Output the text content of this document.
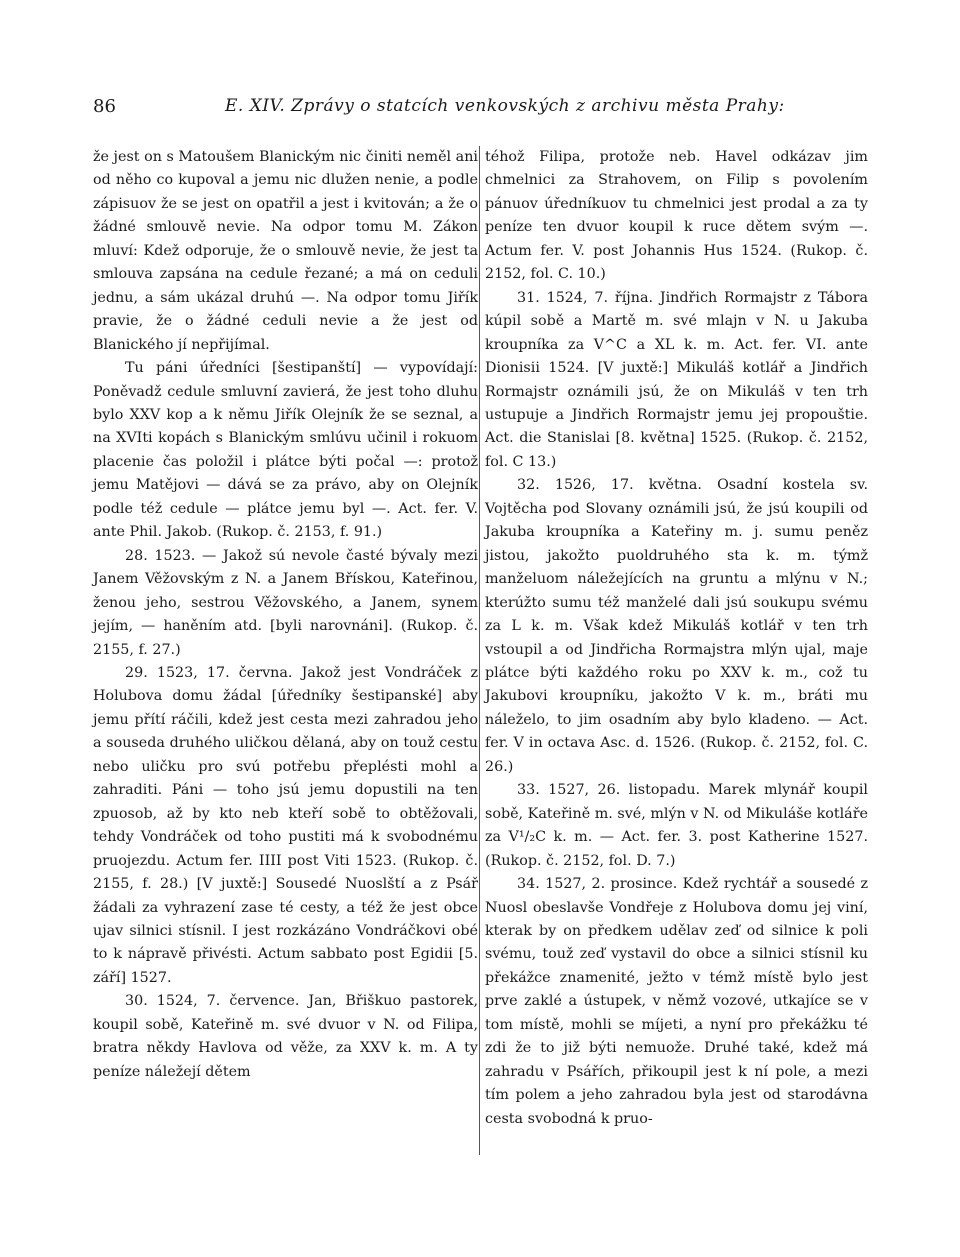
86	E. XIV. Zprávy o statcích venkovských z archivu města Prahy:

že jest on s Matoušem Blanickým nic činiti neměl ani od něho co kupoval a jemu nic dlužen nenie, a podle zápisuov že se jest on opatřil a jest i kvitován; a že o žádné smlouvě nevie. Na odpor tomu M. Zákon mluví: Kdež odporuje, že o smlouvě nevie, že jest ta smlouva zapsána na cedule řezané; a má on ceduli jednu, a sám ukázal druhú —. Na odpor tomu Jiřík pravie, že o žádné ceduli nevie a že jest od Blanického jí nepřijímal.

Tu páni úředníci [šestipanští] — vypovídají: Poněvadž cedule smluvní zavierá, že jest toho dluhu bylo XXV kop a k němu Jiřík Olejník že se seznal, a na XVIti kopách s Blanickým smlúvu učinil i rokuom placenie čas položil i plátce býti počal —: protož jemu Matějovi — dává se za právo, aby on Olejník podle též cedule — plátce jemu byl —. Act. fer. V. ante Phil. Jakob. (Rukop. č. 2153, f. 91.)

28. 1523. — Jakož sú nevole časté bývaly mezi Janem Věžovským z N. a Janem Břískou, Kateřinou, ženou jeho, sestrou Věžovského, a Janem, synem jejím, — haněním atd. [byli narovnáni]. (Rukop. č. 2155, f. 27.)

29. 1523, 17. června. Jakož jest Vondráček z Holubova domu žádal [úředníky šestipanské] aby jemu přítí ráčili, kdež jest cesta mezi zahradou jeho a souseda druhého uličkou dělaná, aby on touž cestu nebo uličku pro svú potřebu přeplésti mohl a zahraditi. Páni — toho jsú jemu dopustili na ten zpuosob, až by kto neb kteří sobě to obtěžovali, tehdy Vondráček od toho pustiti má k svobodnému pruojezdu. Actum fer. IIII post Viti 1523. (Rukop. č. 2155, f. 28.) [V juxtě:] Sousedé Nuoslští a z Psář žádali za vyhrazení zase té cesty, a též že jest obce ujav silnici stísnil. I jest rozkázáno Vondráčkovi obé to k nápravě přivésti. Actum sabbato post Egidii [5. září] 1527.

30. 1524, 7. července. Jan, Břiškuo pastorek, koupil sobě, Kateřině m. své dvuor v N. od Filipa, bratra někdy Havlova od věže, za XXV k. m. A ty peníze náležejí dětem

téhož Filipa, protože neb. Havel odkázav jim chmelnici za Strahovem, on Filip s povolením pánuov úředníkuov tu chmelnici jest prodal a za ty peníze ten dvuor koupil k ruce dětem svým —. Actum fer. V. post Johannis Hus 1524. (Rukop. č. 2152, fol. C. 10.)

31. 1524, 7. října. Jindřich Rormajstr z Tábora kúpil sobě a Martě m. své mlajn v N. u Jakuba kroupníka za V^C a XL k. m. Act. fer. VI. ante Dionisii 1524. [V juxtě:] Mikuláš kotlář a Jindřich Rormajstr oznámili jsú, že on Mikuláš v ten trh ustupuje a Jindřich Rormajstr jemu jej propouštie. Act. die Stanislai [8. května] 1525. (Rukop. č. 2152, fol. C 13.)

32. 1526, 17. května. Osadní kostela sv. Vojtěcha pod Slovany oznámili jsú, že jsú koupili od Jakuba kroupníka a Kateřiny m. j. sumu peněz jistou, jakožto puoldruhého sta k. m. týmž manželuom náležejících na gruntu a mlýnu v N.; kterúžto sumu též manželé dali jsú soukupu svému za L k. m. Však kdež Mikuláš kotlář v ten trh vstoupil a od Jindřicha Rormajstra mlýn ujal, maje plátce býti každého roku po XXV k. m., což tu Jakubovi kroupníku, jakožto V k. m., bráti mu náleželo, to jim osadním aby bylo kladeno. — Act. fer. V in octava Asc. d. 1526. (Rukop. č. 2152, fol. C. 26.)

33. 1527, 26. listopadu. Marek mlynář koupil sobě, Kateřině m. své, mlýn v N. od Mikuláše kotláře za V¹/₂C k. m. — Act. fer. 3. post Katherine 1527. (Rukop. č. 2152, fol. D. 7.)

34. 1527, 2. prosince. Kdež rychtář a sousedé z Nuosl obeslavše Vondřeje z Holubova domu jej viní, kterak by on předkem udělav zeď od silnice k poli svému, touž zeď vystavil do obce a silnici stísnil ku překážce znamenité, ježto v témž místě bylo jest prve zaklé a ústupek, v němž vozové, utkajíce se v tom místě, mohli se míjeti, a nyní pro překážku té zdi že to již býti nemuože. Druhé také, kdež má zahradu v Psářích, přikoupil jest k ní pole, a mezi tím polem a jeho zahradou byla jest od starodávna cesta svobodná k pruo-
